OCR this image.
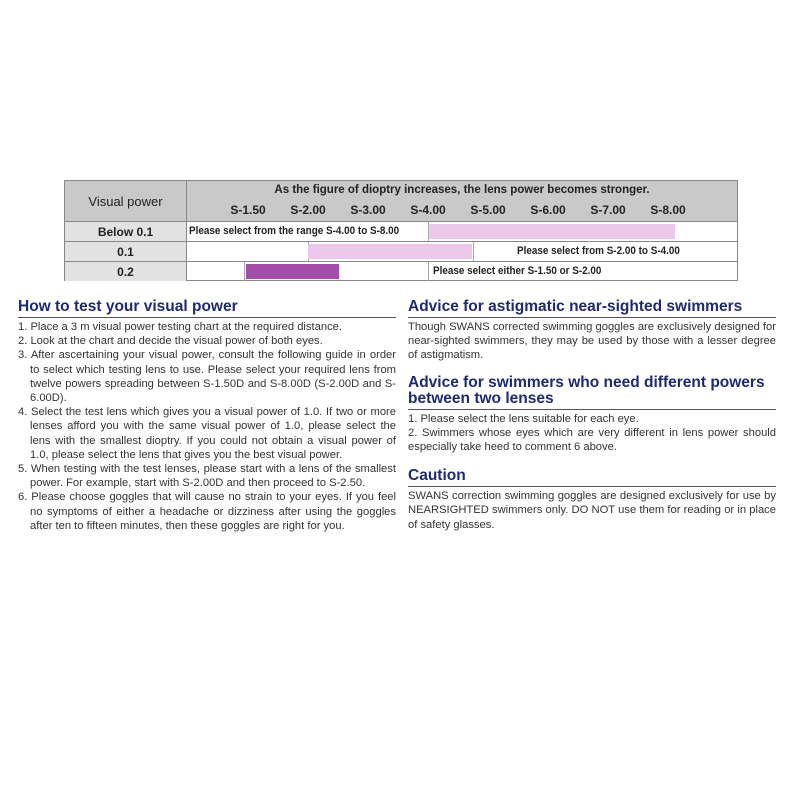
Visual power
As the figure of dioptry increases, the lens power becomes stronger.
S-1.50 S-2.00 S-3.00 S-4.00 S-5.00 S-6.00 S-7.00 S-8.00
Below 0.1	Please select from the range S-4.00 to S-8.00
0.1	Please select from S-2.00 to S-4.00
0.2	Please select either S-1.50 or S-2.00
How to test your visual power

1. Place a 3 m visual power testing chart at the required distance.

2. Look at the chart and decide the visual power of both eyes.

3. After ascertaining your visual power, consult the following guide in order to select which testing lens to use. Please select your required lens from twelve powers spreading between S-1.50D and S-8.00D (S-2.00D and S-6.00D).

4. Select the test lens which gives you a visual power of 1.0. If two or more lenses afford you with the same visual power of 1.0, please select the lens with the smallest dioptry. If you could not obtain a visual power of 1.0, please select the lens that gives you the best visual power.

5. When testing with the test lenses, please start with a lens of the smallest power. For example, start with S-2.00D and then proceed to S-2.50.

6. Please choose goggles that will cause no strain to your eyes. If you feel no symptoms of either a headache or dizziness after using the goggles after ten to fifteen minutes, then these goggles are right for you.

Advice for astigmatic near-sighted swimmers

Though SWANS corrected swimming goggles are exclusively designed for near-sighted swimmers, they may be used by those with a lesser degree of astigmatism.

Advice for swimmers who need different powers between two lenses

1. Please select the lens suitable for each eye.

2. Swimmers whose eyes which are very different in lens power should especially take heed to comment 6 above.

Caution

SWANS correction swimming goggles are designed exclusively for use by NEARSIGHTED swimmers only. DO NOT use them for reading or in place of safety glasses.
